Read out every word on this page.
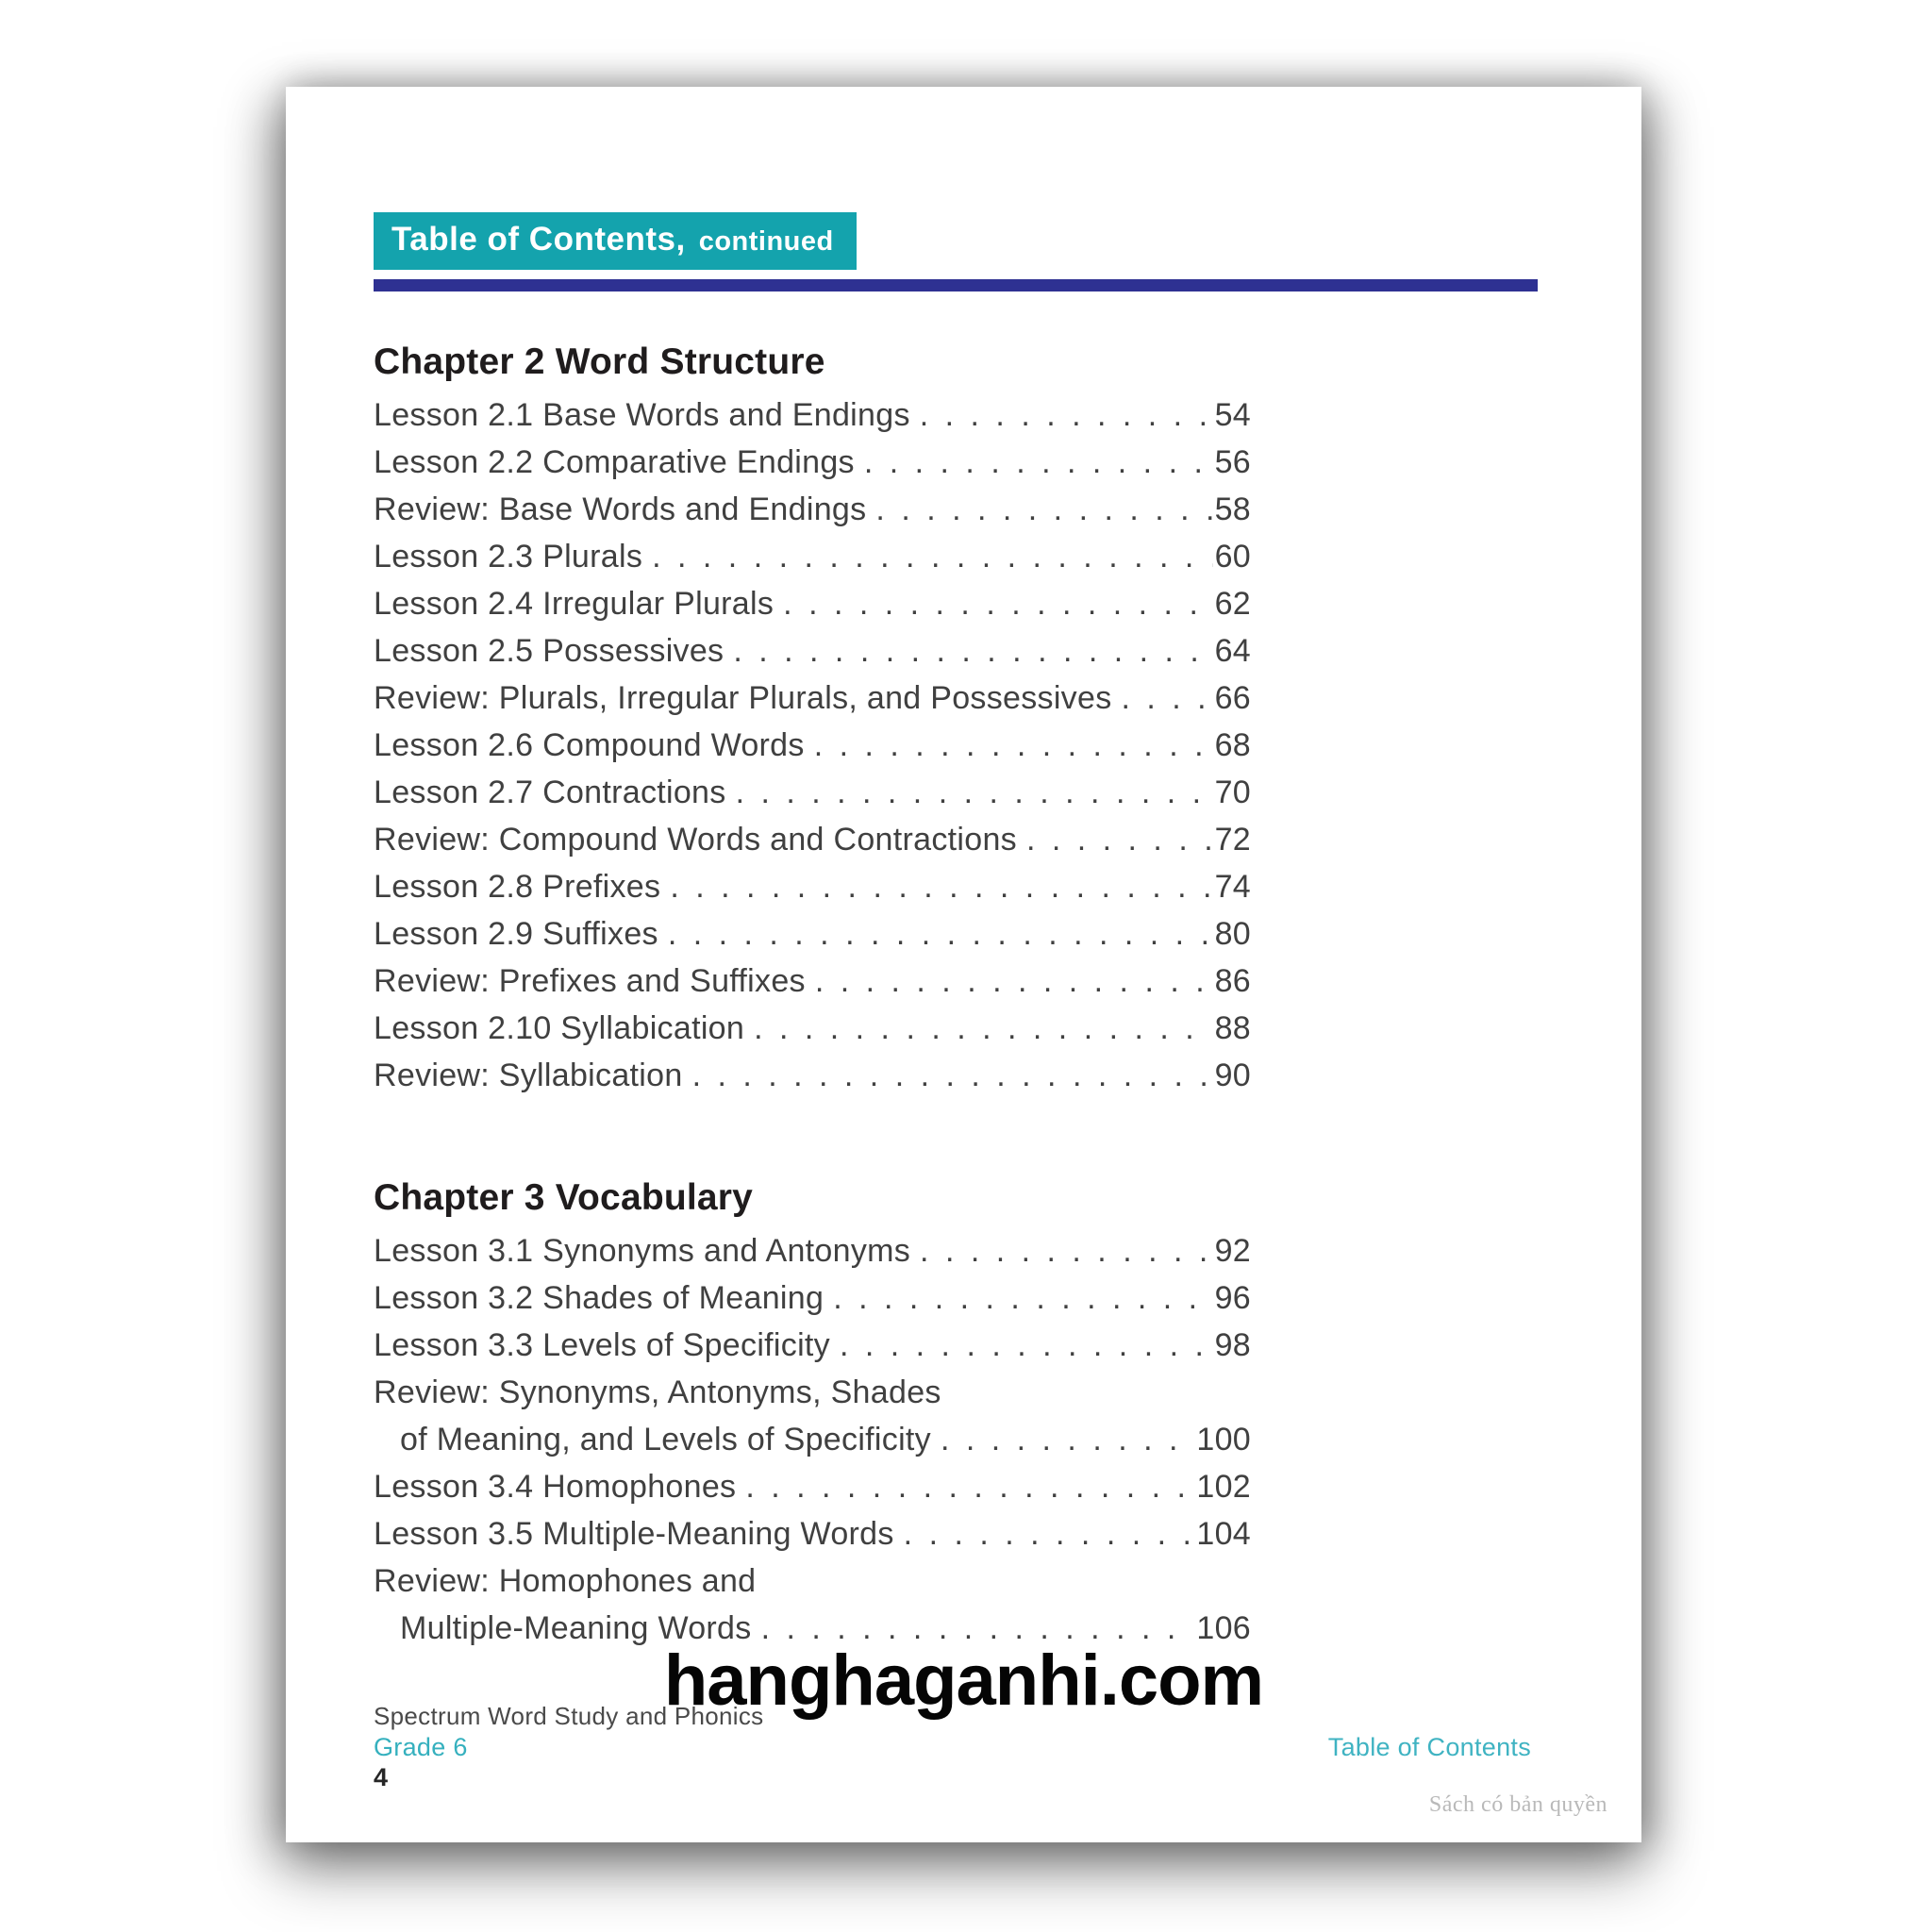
Table of Contents, continued
Chapter 2 Word Structure
Lesson 2.1 Base Words and Endings . . .	54
Lesson 2.2 Comparative Endings . . .	56
Review: Base Words and Endings . . .	58
Lesson 2.3 Plurals . . .	60
Lesson 2.4 Irregular Plurals . . .	62
Lesson 2.5 Possessives . . .	64
Review: Plurals, Irregular Plurals, and Possessives . . .	66
Lesson 2.6 Compound Words . . .	68
Lesson 2.7 Contractions . . .	70
Review: Compound Words and Contractions . . .	72
Lesson 2.8 Prefixes . . .	74
Lesson 2.9 Suffixes . . .	80
Review: Prefixes and Suffixes . . .	86
Lesson 2.10 Syllabication . . .	88
Review: Syllabication . . .	90
Chapter 3 Vocabulary
Lesson 3.1 Synonyms and Antonyms . . .	92
Lesson 3.2 Shades of Meaning . . .	96
Lesson 3.3 Levels of Specificity . . .	98
Review: Synonyms, Antonyms, Shades
of Meaning, and Levels of Specificity . . .	100
Lesson 3.4 Homophones . . .	102
Lesson 3.5 Multiple-Meaning Words . . .	104
Review: Homophones and
Multiple-Meaning Words . . .	106
hanghaganhi.com
Spectrum Word Study and Phonics
Grade 6
4
Table of Contents
Sách có bản quyền
